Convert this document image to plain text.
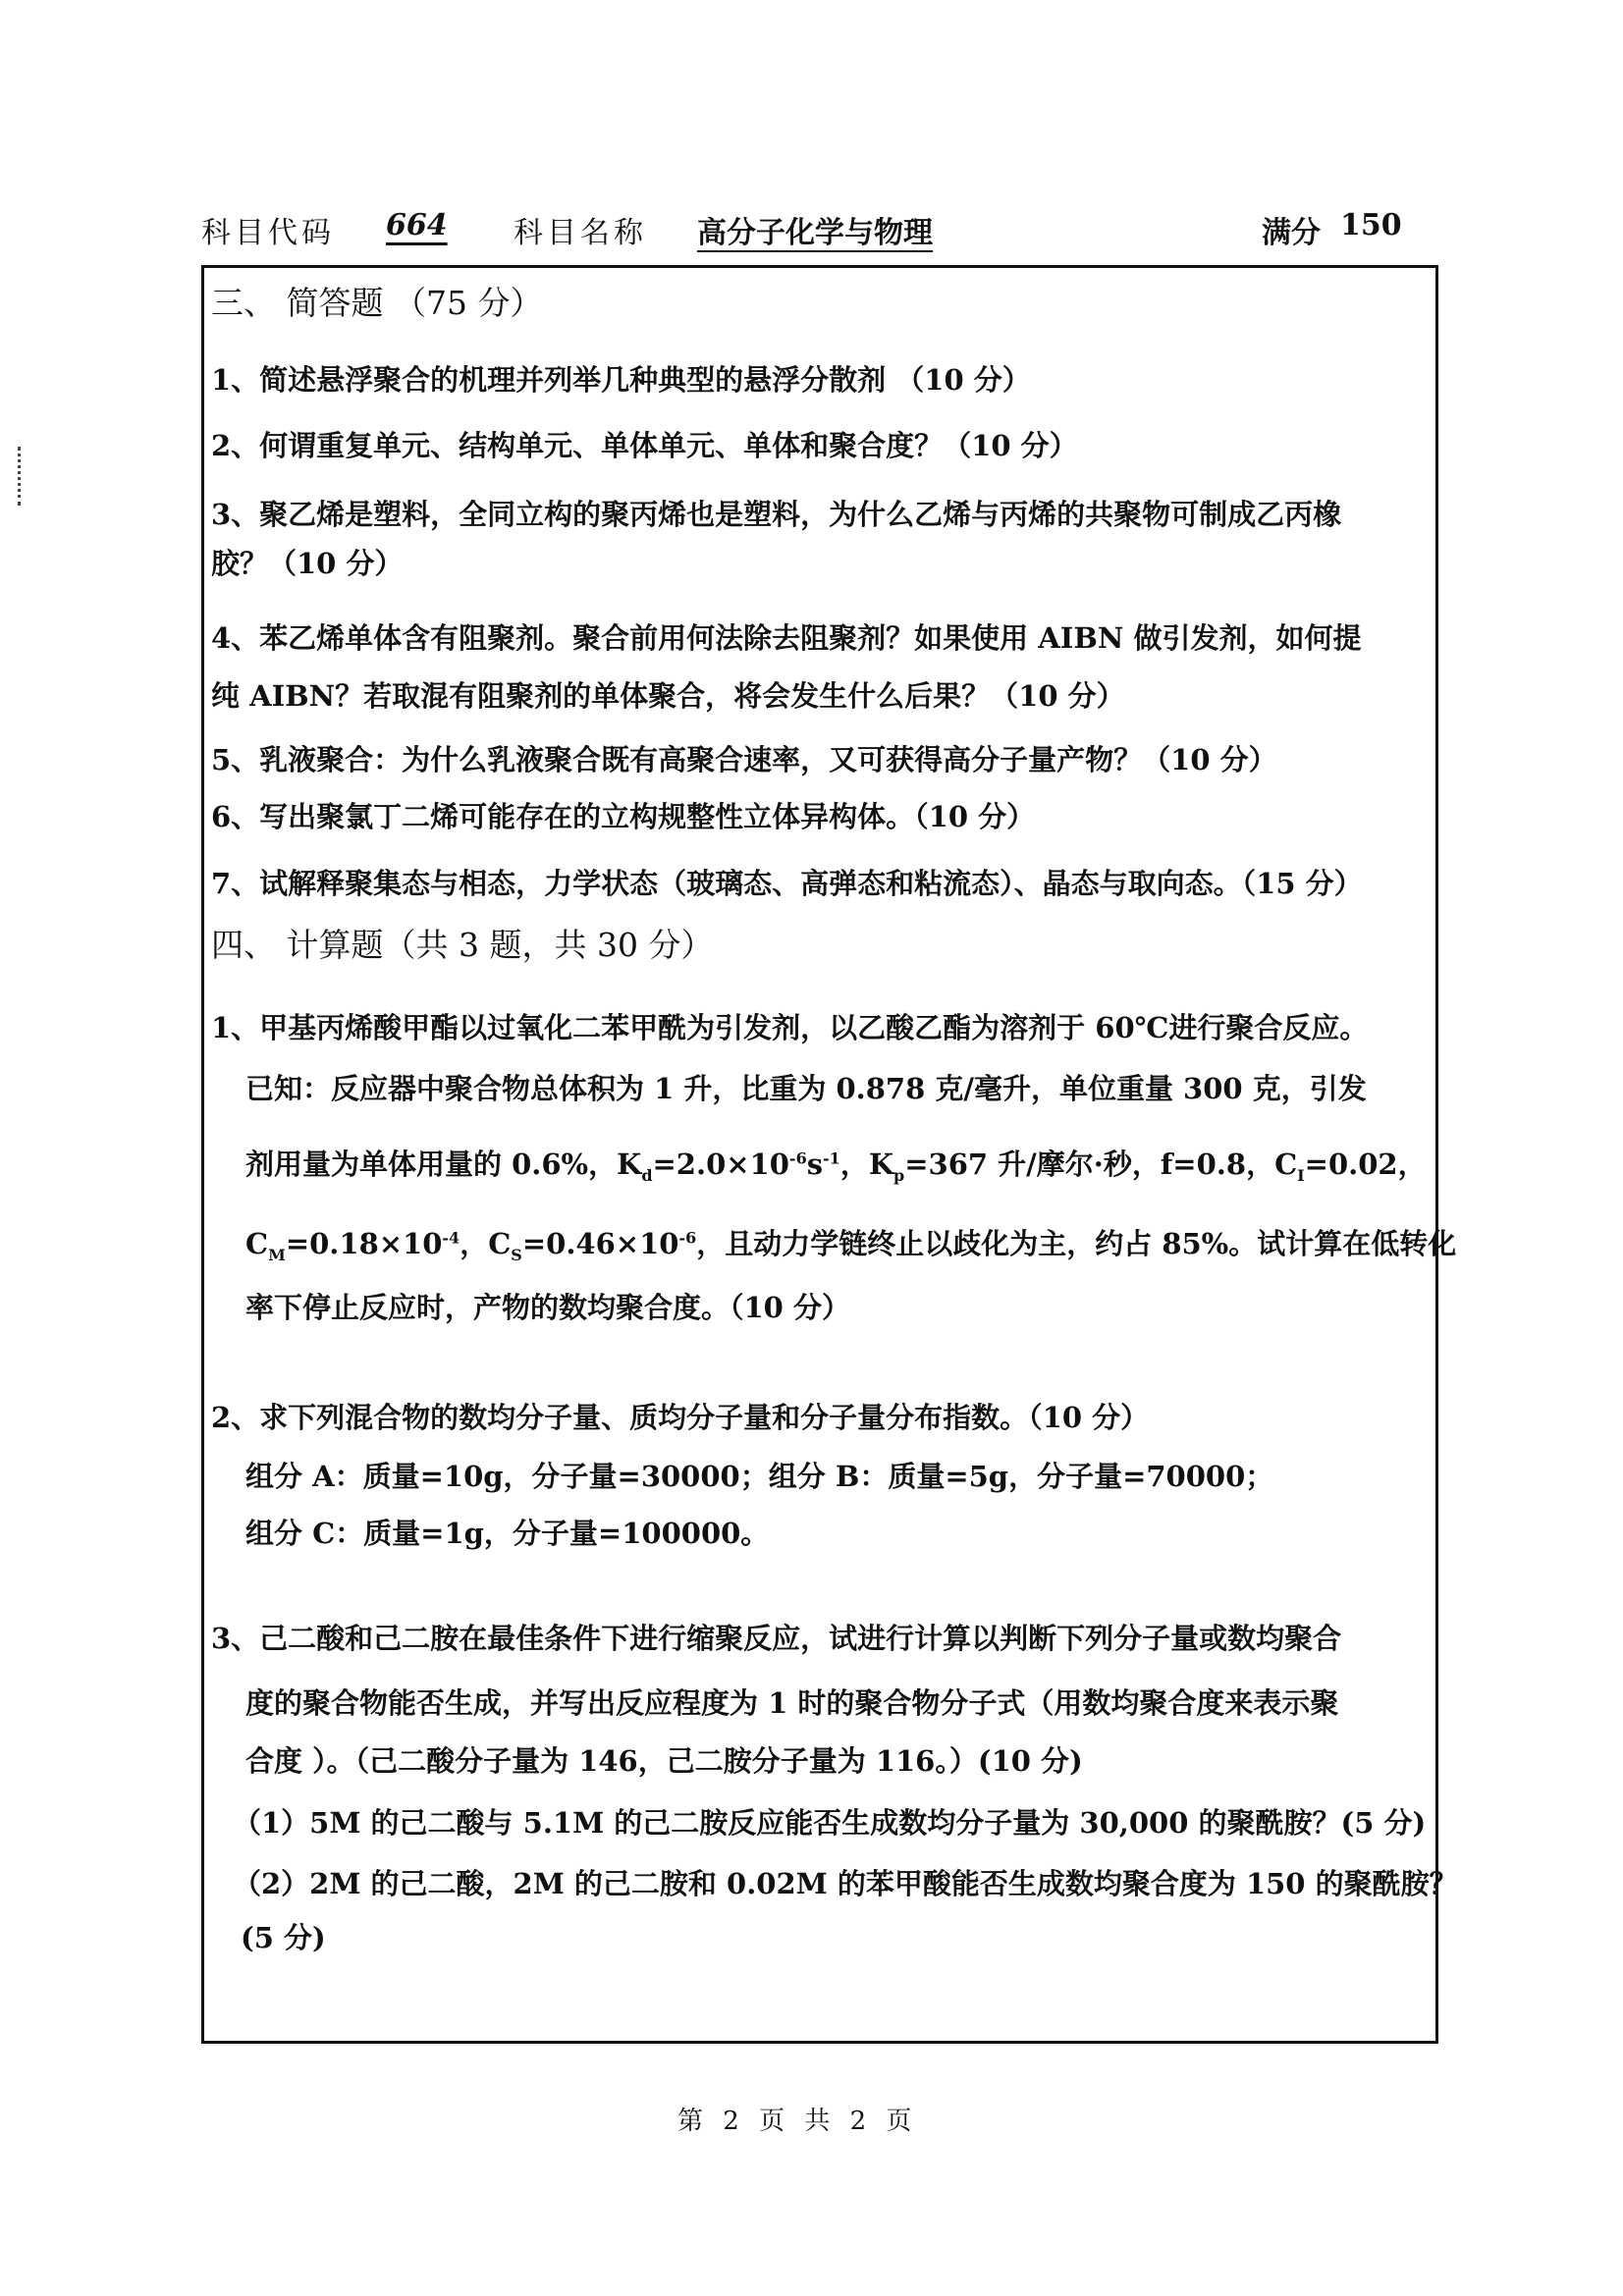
科目代码 664 科目名称 高分子化学与物理	满分 150
三、 简答题 （75 分）
1、简述悬浮聚合的机理并列举几种典型的悬浮分散剂 （10 分）
2、何谓重复单元、结构单元、单体单元、单体和聚合度？（10 分）
3、聚乙烯是塑料，全同立构的聚丙烯也是塑料，为什么乙烯与丙烯的共聚物可制成乙丙橡
胶？（10 分）
4、苯乙烯单体含有阻聚剂。聚合前用何法除去阻聚剂？如果使用 AIBN 做引发剂，如何提
纯 AIBN？若取混有阻聚剂的单体聚合，将会发生什么后果？（10 分）
5、乳液聚合：为什么乳液聚合既有高聚合速率，又可获得高分子量产物？（10 分）
6、写出聚氯丁二烯可能存在的立构规整性立体异构体。（10 分）
7、试解释聚集态与相态，力学状态（玻璃态、高弹态和粘流态）、晶态与取向态。（15 分）
四、 计算题（共 3 题，共 30 分）
1、甲基丙烯酸甲酯以过氧化二苯甲酰为引发剂，以乙酸乙酯为溶剂于 60℃进行聚合反应。
已知：反应器中聚合物总体积为 1 升，比重为 0.878 克/毫升，单位重量 300 克，引发
剂用量为单体用量的 0.6%，$K_d=2.0\times 10^{-6}s^{-1}$，$K_p=367$ 升/摩尔·秒，f=0.8，$C_I=0.02$，
$C_M=0.18\times 10^{-4}$，$C_S=0.46\times 10^{-6}$，且动力学链终止以歧化为主，约占 85%。试计算在低转化
率下停止反应时，产物的数均聚合度。（10 分）
2、求下列混合物的数均分子量、质均分子量和分子量分布指数。（10 分）
组分 A：质量=10g，分子量=30000；组分 B：质量=5g，分子量=70000；
组分 C：质量=1g，分子量=100000。
3、己二酸和己二胺在最佳条件下进行缩聚反应，试进行计算以判断下列分子量或数均聚合
度的聚合物能否生成，并写出反应程度为 1 时的聚合物分子式（用数均聚合度来表示聚
合度 ）。（己二酸分子量为 146，己二胺分子量为 116。）(10 分)
（1）5M 的己二酸与 5.1M 的己二胺反应能否生成数均分子量为 30,000 的聚酰胺？(5 分)
（2）2M 的己二酸，2M 的己二胺和 0.02M 的苯甲酸能否生成数均聚合度为 150 的聚酰胺？
(5 分)
第 2 页 共 2 页
